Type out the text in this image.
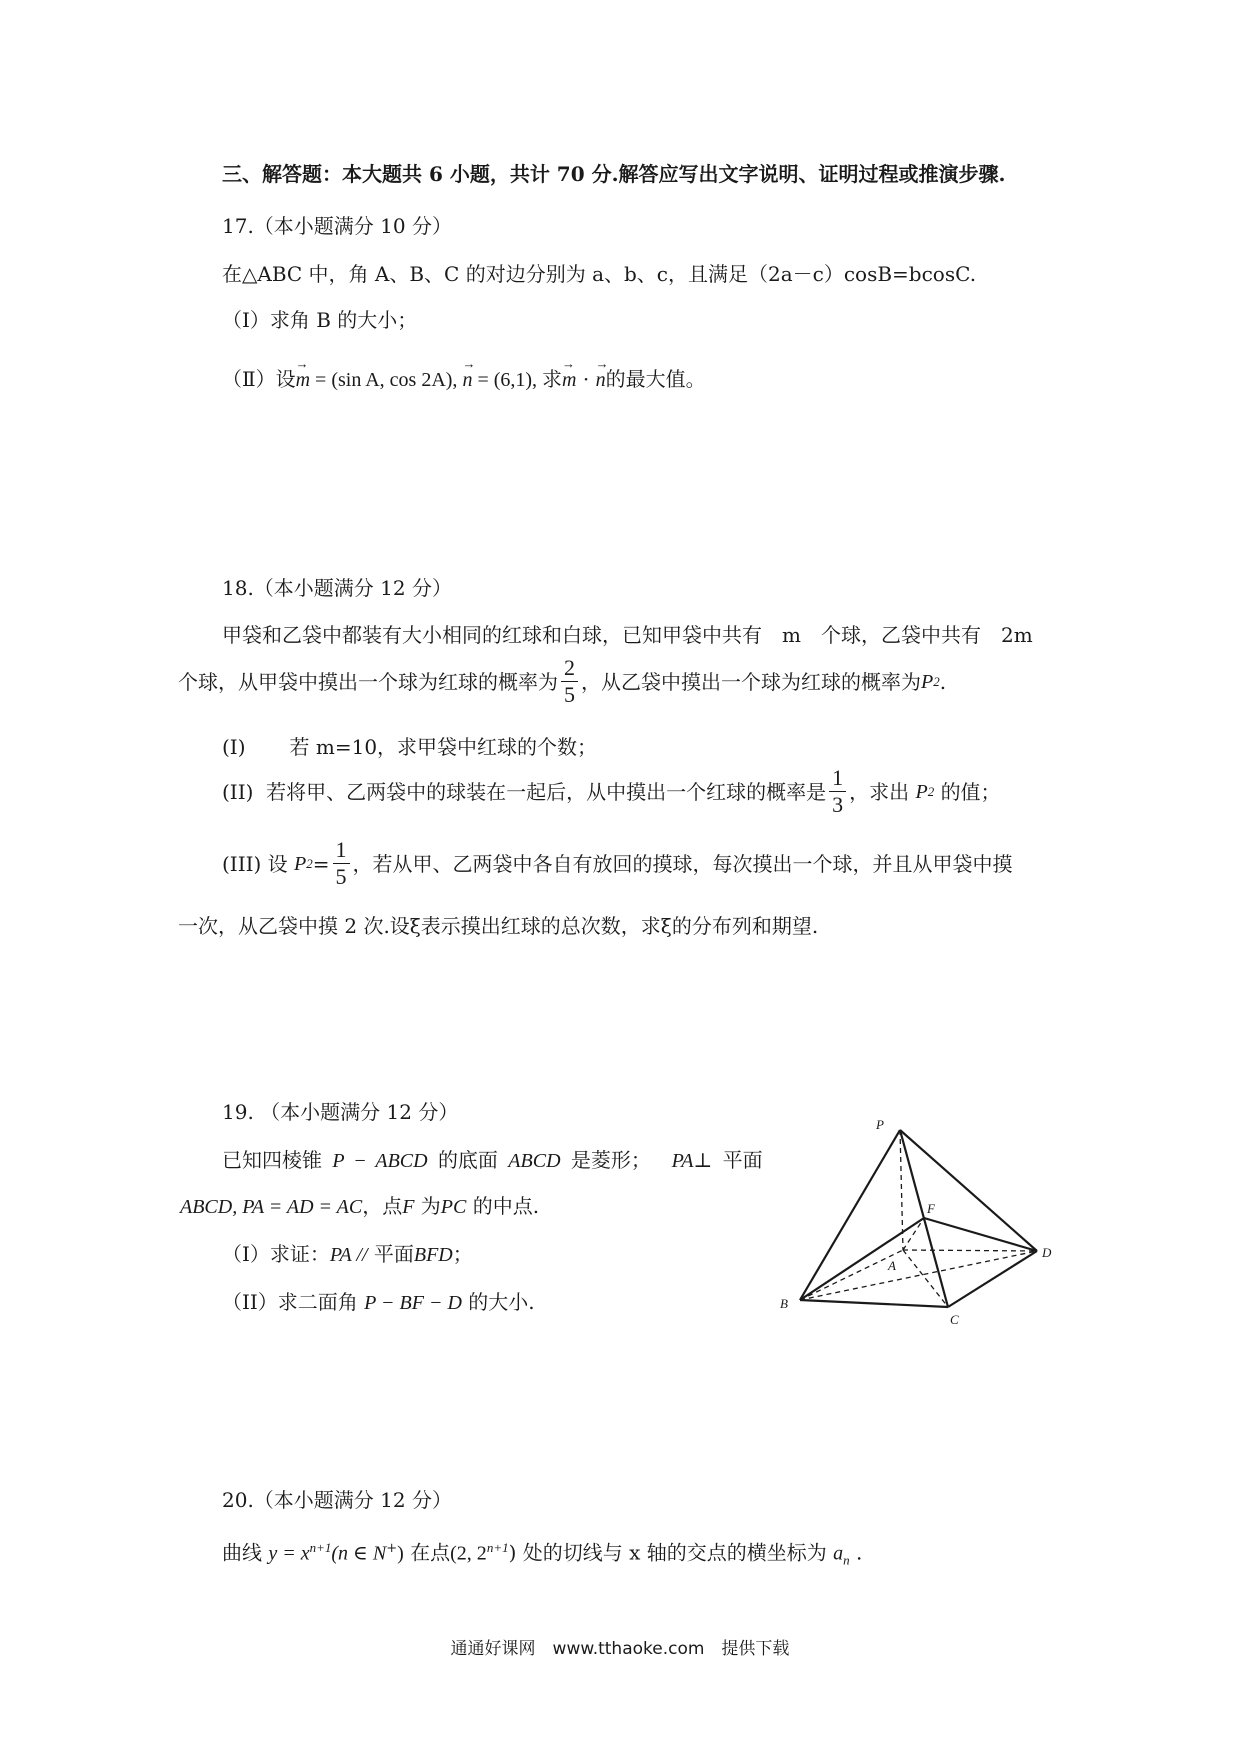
三、解答题：本大题共 6 小题，共计 70 分.解答应写出文字说明、证明过程或推演步骤.
17.（本小题满分 10 分）
在△ABC 中，角 A、B、C 的对边分别为 a、b、c，且满足（2a－c）cosB=bcosC.
（Ⅰ）求角 B 的大小；
（Ⅱ）设→ m = (sin A, cos 2A), → n = (6,1), 求→ m · → n的最大值。
18.（本小题满分 12 分）
甲袋和乙袋中都装有大小相同的红球和白球，已知甲袋中共有　m　个球，乙袋中共有　2m
个球，从甲袋中摸出一个球为红球的概率为 $\frac{2}{5}$ ，从乙袋中摸出一个球为红球的概率为 P 2 .
(I) 若 m=10，求甲袋中红球的个数；
(II)
若将甲、乙两袋中的球装在一起后，从中摸出一个红球的概率是 $\frac{1}{3}$ ，求出
P 2
的值；
(III)
设
P $2 = \frac{1}{5}$ ，若从甲、乙两袋中各自有放回的摸球，每次摸出一个球，并且从甲袋中摸
一次，从乙袋中摸 2 次.设ξ表示摸出红球的总次数，求ξ的分布列和期望.
19. （本小题满分 12 分）
已知四棱锥 P − ABCD 的底面 ABCD 是菱形； PA⊥ 平面
ABCD, PA = AD = AC，点F 为PC 的中点.
（I）求证：PA // 平面BFD；
（II）求二面角 P − BF − D 的大小.
P
F
A
D
B
C
20.（本小题满分 12 分）
曲线 $y = x^{n+1}(n$ ∈ N+) 在点(2, $2^{n+1}$) 处的切线与 x 轴的交点的横坐标为 $a_n$ .
通通好课网　www.tthaoke.com　提供下载
